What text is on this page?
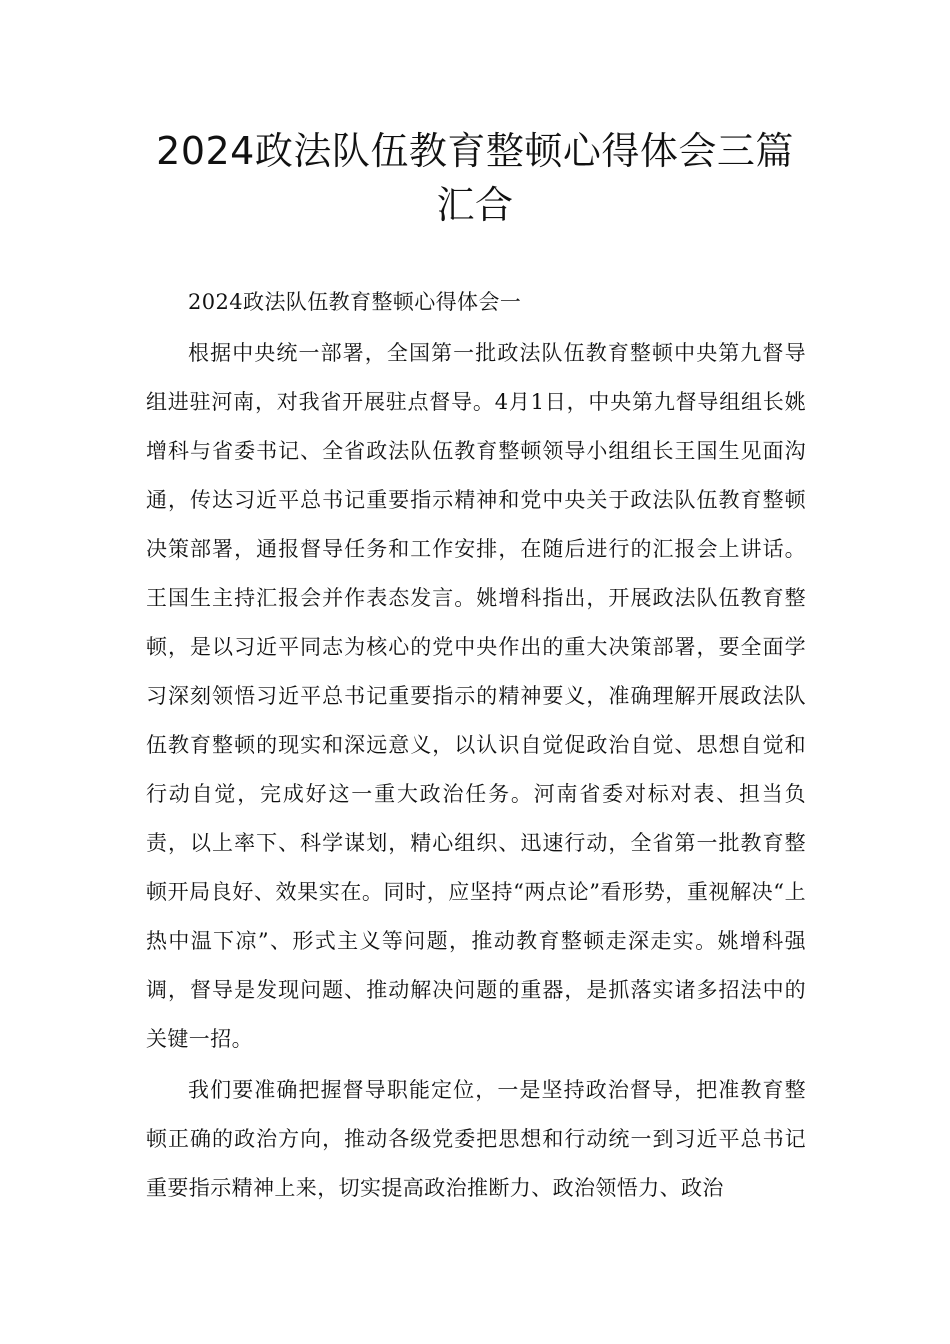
2024政法队伍教育整顿心得体会三篇汇合

2024政法队伍教育整顿心得体会一

根据中央统一部署，全国第一批政法队伍教育整顿中央第九督导组进驻河南，对我省开展驻点督导。4月1日，中央第九督导组组长姚增科与省委书记、全省政法队伍教育整顿领导小组组长王国生见面沟通，传达习近平总书记重要指示精神和党中央关于政法队伍教育整顿决策部署，通报督导任务和工作安排，在随后进行的汇报会上讲话。王国生主持汇报会并作表态发言。姚增科指出，开展政法队伍教育整顿，是以习近平同志为核心的党中央作出的重大决策部署，要全面学习深刻领悟习近平总书记重要指示的精神要义，准确理解开展政法队伍教育整顿的现实和深远意义，以认识自觉促政治自觉、思想自觉和行动自觉，完成好这一重大政治任务。河南省委对标对表、担当负责，以上率下、科学谋划，精心组织、迅速行动，全省第一批教育整顿开局良好、效果实在。同时，应坚持“两点论”看形势，重视解决“上热中温下凉”、形式主义等问题，推动教育整顿走深走实。姚增科强调，督导是发现问题、推动解决问题的重器，是抓落实诸多招法中的关键一招。

我们要准确把握督导职能定位，一是坚持政治督导，把准教育整顿正确的政治方向，推动各级党委把思想和行动统一到习近平总书记重要指示精神上来，切实提高政治推断力、政治领悟力、政治
